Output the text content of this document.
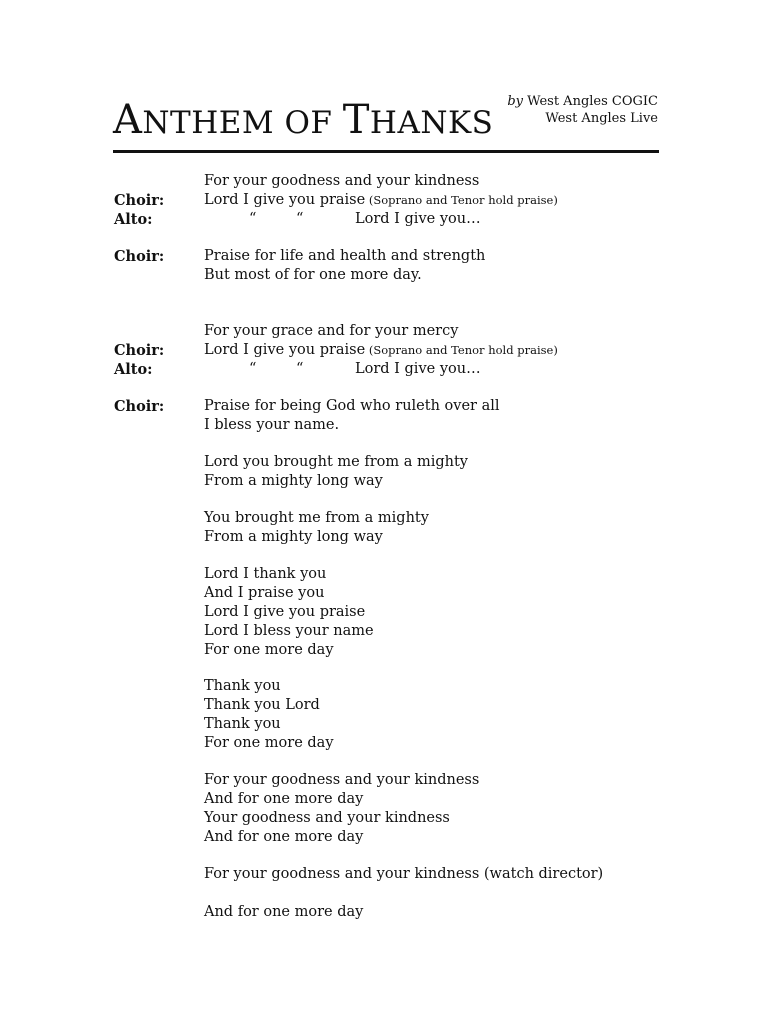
ANTHEM OF THANKS
by West Angles COGIC
West Angles Live
For your goodness and your kindness
Choir:	Lord I give you praise (Soprano and Tenor hold praise)
Alto:	“	“	Lord I give you…
Choir:	Praise for life and health and strength
But most of for one more day.
For your grace and for your mercy
Choir:	Lord I give you praise (Soprano and Tenor hold praise)
Alto:	“	“	Lord I give you…
Choir:	Praise for being God who ruleth over all
I bless your name.
Lord you brought me from a mighty
From a mighty long way
You brought me from a mighty
From a mighty long way
Lord I thank you
And I praise you
Lord I give you praise
Lord I bless your name
For one more day
Thank you
Thank you Lord
Thank you
For one more day
For your goodness and your kindness
And for one more day
Your goodness and your kindness
And for one more day
For your goodness and your kindness (watch director)
And for one more day
